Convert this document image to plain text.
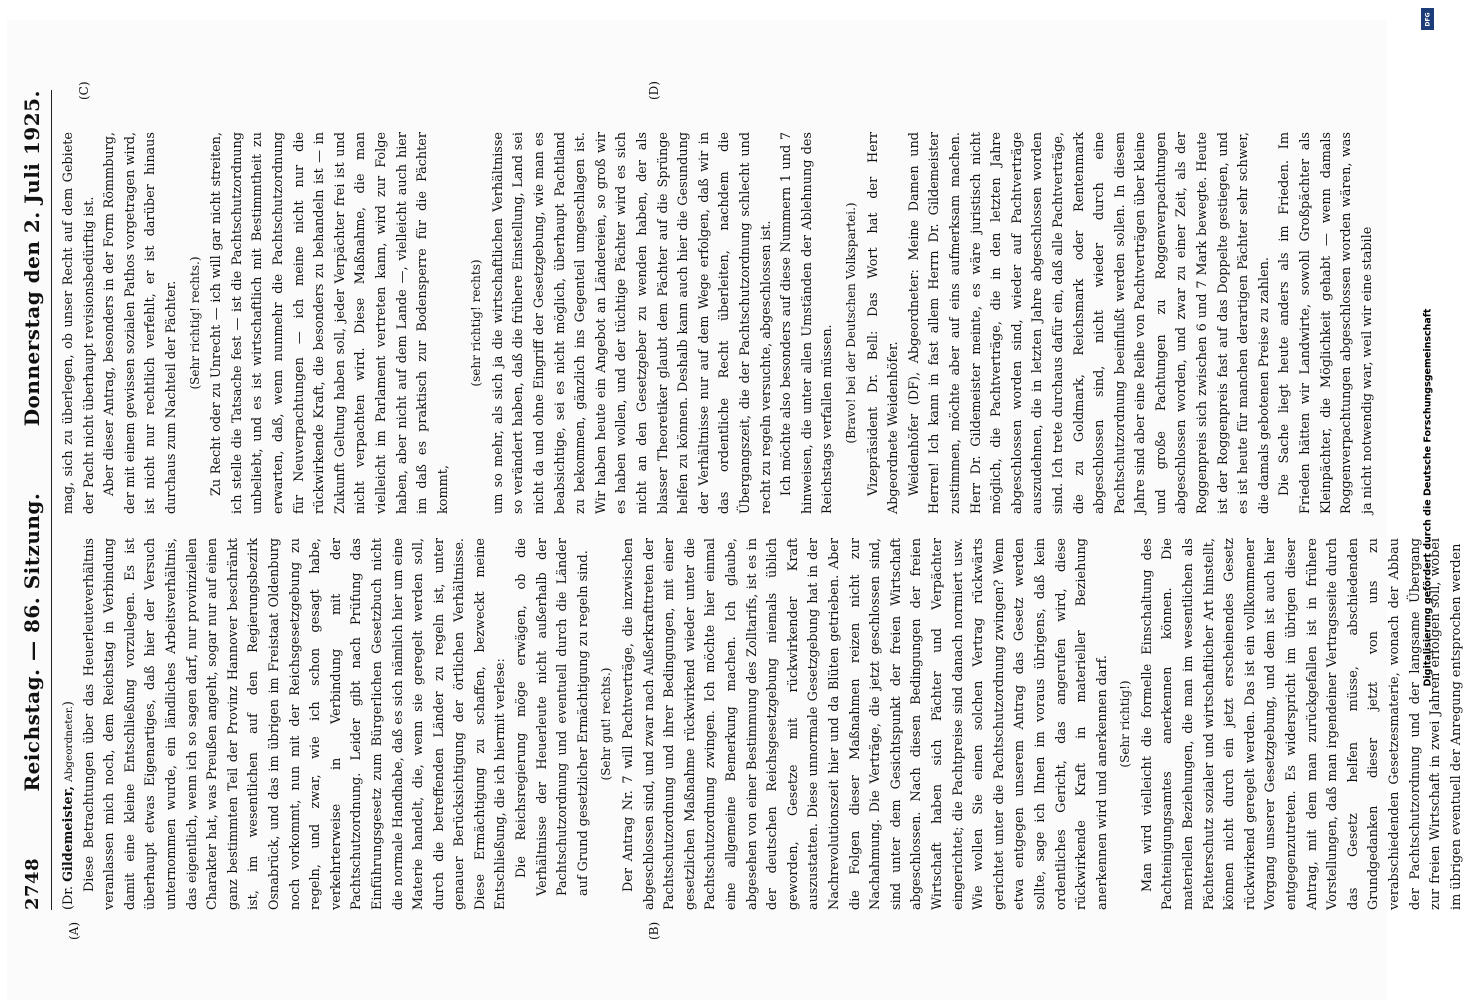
2748
Reichstag. — 86. Sitzung.
Donnerstag den 2. Juli 1925.
(A)	(B)
(C)	(D)

(Dr. Gildemeister, Abgeordneter.) Diese Betrachtungen über das Heuerleuteverhältnis veranlassen mich noch, dem Reichstag in Verbindung damit eine kleine Entschließung vorzulegen. Es ist überhaupt etwas Eigenartiges, daß hier der Versuch unternommen wurde, ein ländliches Arbeitsverhältnis, das eigentlich, wenn ich so sagen darf, nur provinziellen Charakter hat, was Preußen angeht, sogar nur auf einen ganz bestimmten Teil der Provinz Hannover beschränkt ist, im wesentlichen auf den Regierungsbezirk Osnabrück, und das im übrigen im Freistaat Oldenburg noch vorkommt, nun mit der Reichsgesetzgebung zu regeln, und zwar, wie ich schon gesagt habe, verkehrterweise in Verbindung mit der Pachtschutzordnung. Leider gibt nach Prüfung das Einführungsgesetz zum Bürgerlichen Gesetzbuch nicht die normale Handhabe, daß es sich nämlich hier um eine Materie handelt, die, wenn sie geregelt werden soll, durch die betreffenden Länder zu regeln ist, unter genauer Berücksichtigung der örtlichen Verhältnisse. Diese Ermächtigung zu schaffen, bezweckt meine Entschließung, die ich hiermit verlese: Die Reichsregierung möge erwägen, ob die Verhältnisse der Heuerleute nicht außerhalb der Pachtschutzordnung und eventuell durch die Länder auf Grund gesetzlicher Ermächtigung zu regeln sind. (Sehr gut! rechts.) Der Antrag Nr. 7 will Pachtverträge, die inzwischen abgeschlossen sind, und zwar nach Außerkrafttreten der Pachtschutzordnung und ihrer Bedingungen, mit einer gesetzlichen Maßnahme rückwirkend wieder unter die Pachtschutzordnung zwingen. Ich möchte hier einmal eine allgemeine Bemerkung machen. Ich glaube, abgesehen von einer Bestimmung des Zolltarifs, ist es in der deutschen Reichsgesetzgebung niemals üblich geworden, Gesetze mit rückwirkender Kraft auszustatten. Diese unnormale Gesetzgebung hat in der Nachrevolutionszeit hier und da Blüten getrieben. Aber die Folgen dieser Maßnahmen reizen nicht zur Nachahmung. Die Verträge, die jetzt geschlossen sind, sind unter dem Gesichtspunkt der freien Wirtschaft abgeschlossen. Nach diesen Bedingungen der freien Wirtschaft haben sich Pächter und Verpächter eingerichtet; die Pachtpreise sind danach normiert usw. Wie wollen Sie einen solchen Vertrag rückwärts gerichtet unter die Pachtschutzordnung zwingen? Wenn etwa entgegen unserem Antrag das Gesetz werden sollte, sage ich Ihnen im voraus übrigens, daß kein ordentliches Gericht, das angerufen wird, diese rückwirkende Kraft in materieller Beziehung anerkennen wird und anerkennen darf. (Sehr richtig!) Man wird vielleicht die formelle Einschaltung des Pachteinigungsamtes anerkennen können. Die materiellen Beziehungen, die man im wesentlichen als Pächterschutz sozialer und wirtschaftlicher Art hinstellt, können nicht durch ein jetzt erscheinendes Gesetz rückwirkend geregelt werden. Das ist ein vollkommener Vorgang unserer Gesetzgebung, und dem ist auch hier entgegenzutreten. Es widerspricht im übrigen dieser Antrag, mit dem man zurückgefallen ist in frühere Vorstellungen, daß man irgendeiner Vertragsseite durch das Gesetz helfen müsse, abschiedenden Grundgedanken dieser jetzt von uns zu verabschiedenden Gesetzesmaterie, wonach der Abbau der Pachtschutzordnung und der langsame Übergang zur freien Wirtschaft in zwei Jahren erfolgen soll, wobei im übrigen eventuell der Anregung entsprochen werden

mag, sich zu überlegen, ob unser Recht auf dem Gebiete der Pacht nicht überhaupt revisionsbedürftig ist. Aber dieser Antrag, besonders in der Form Römmburg, der mit einem gewissen sozialen Pathos vorgetragen wird, ist nicht nur rechtlich verfehlt, er ist darüber hinaus durchaus zum Nachteil der Pächter. (Sehr richtig! rechts.) Zu Recht oder zu Unrecht — ich will gar nicht streiten, ich stelle die Tatsache fest — ist die Pachtschutzordnung unbeliebt, und es ist wirtschaftlich mit Bestimmtheit zu erwarten, daß, wenn nunmehr die Pachtschutzordnung für Neuverpachtungen — ich meine nicht nur die rückwirkende Kraft, die besonders zu behandeln ist — in Zukunft Geltung haben soll, jeder Verpächter frei ist und nicht verpachten wird. Diese Maßnahme, die man vielleicht im Parlament vertreten kann, wird zur Folge haben, aber nicht auf dem Lande —, vielleicht auch hier im daß es praktisch zur Bodensperre für die Pächter kommt,

(sehr richtig! rechts) um so mehr, als sich ja die wirtschaftlichen Verhältnisse so verändert haben, daß die frühere Einstellung, Land sei nicht da und ohne Eingriff der Gesetzgebung, wie man es beabsichtige, sei es nicht möglich, überhaupt Pachtland zu bekommen, gänzlich ins Gegenteil umgeschlagen ist. Wir haben heute ein Angebot an Ländereien, so groß wir es haben wollen, und der tüchtige Pächter wird es sich nicht an den Gesetzgeber zu wenden haben, der als blasser Theoretiker glaubt dem Pächter auf die Sprünge helfen zu können. Deshalb kann auch hier die Gesundung der Verhältnisse nur auf dem Wege erfolgen, daß wir in das ordentliche Recht überleiten, nachdem die Übergangszeit, die der Pachtschutzordnung schlecht und recht zu regeln versuchte, abgeschlossen ist. Ich möchte also besonders auf diese Nummern 1 und 7 hinweisen, die unter allen Umständen der Ablehnung des Reichstags verfallen müssen. (Bravo! bei der Deutschen Volkspartei.) Vizepräsident Dr. Bell: Das Wort hat der Herr Abgeordnete Weidenhöfer. Weidenhöfer (DF), Abgeordneter: Meine Damen und Herren! Ich kann in fast allem Herrn Dr. Gildemeister zustimmen, möchte aber auf eins aufmerksam machen. Herr Dr. Gildemeister meinte, es wäre juristisch nicht möglich, die Pachtverträge, die in den letzten Jahre abgeschlossen worden sind, wieder auf Pachtverträge auszudehnen, die in letzten Jahre abgeschlossen worden sind. Ich trete durchaus dafür ein, daß alle Pachtverträge, die zu Goldmark, Reichsmark oder Rentenmark abgeschlossen sind, nicht wieder durch eine Pachtschutzordnung beeinflußt werden sollen. In diesem Jahre sind aber eine Reihe von Pachtverträgen über kleine und große Pachtungen zu Roggenverpachtungen abgeschlossen worden, und zwar zu einer Zeit, als der Roggenpreis sich zwischen 6 und 7 Mark bewegte. Heute ist der Roggenpreis fast auf das Doppelte gestiegen, und es ist heute für manchen derartigen Pächter sehr schwer, die damals gebotenen Preise zu zahlen. Die Sache liegt heute anders als im Frieden. Im Frieden hätten wir Landwirte, sowohl Großpächter als Kleinpächter, die Möglichkeit gehabt — wenn damals Roggenverpachtungen abgeschlossen worden wären, was ja nicht notwendig war, weil wir eine stabile	Digitalisierung gefördert durch die Deutsche Forschungsgemeinschaft
DFG
